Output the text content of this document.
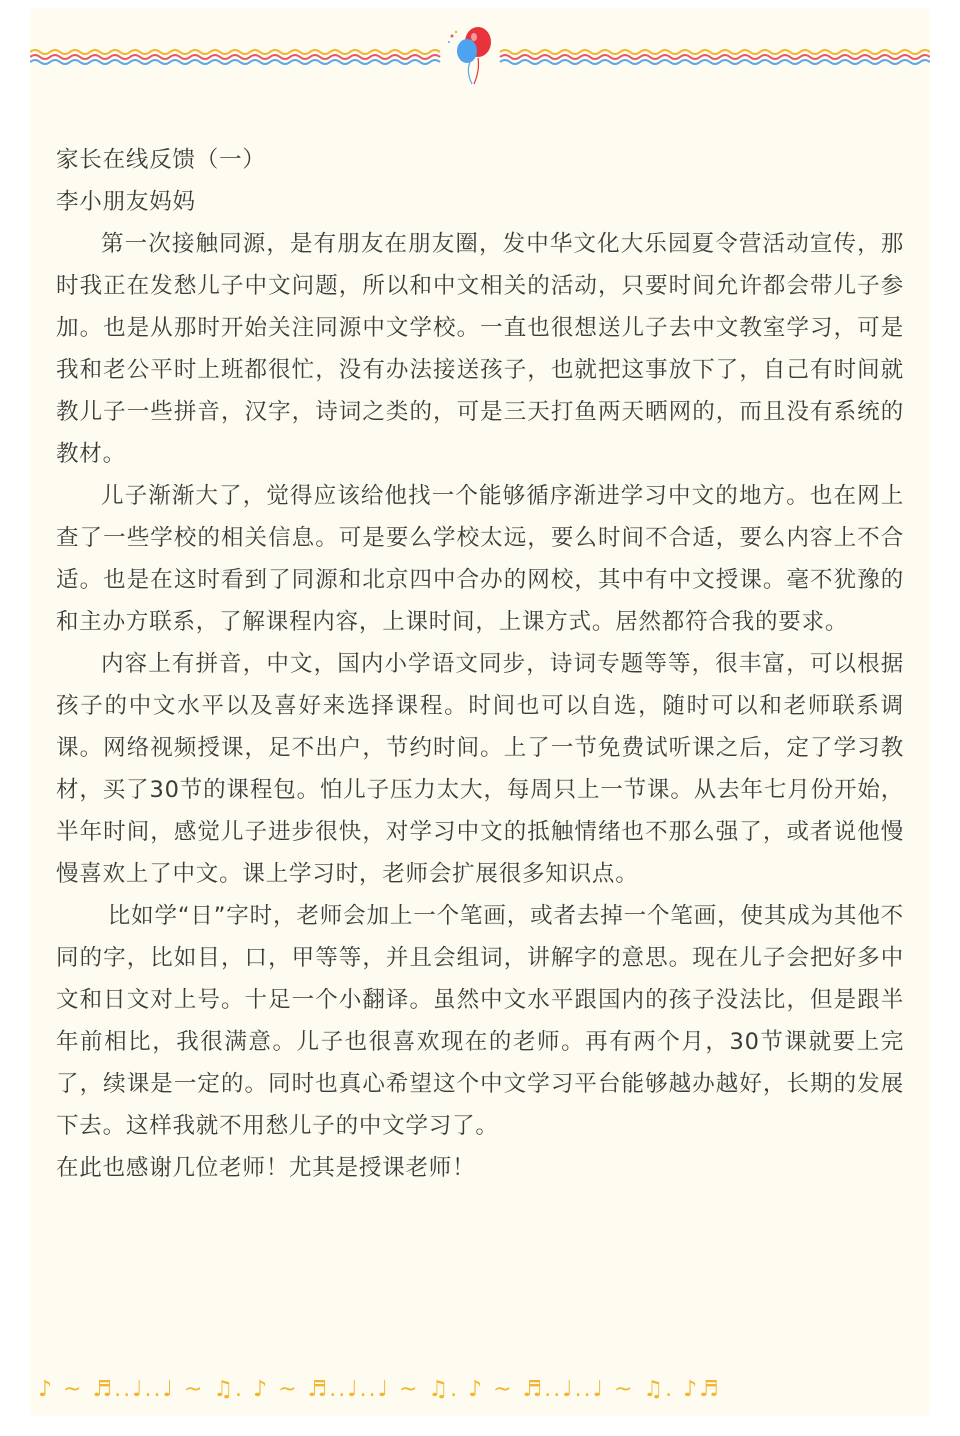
家长在线反馈（一）

李小朋友妈妈

第一次接触同源，是有朋友在朋友圈，发中华文化大乐园夏令营活动宣传，那时我正在发愁儿子中文问题，所以和中文相关的活动，只要时间允许都会带儿子参加。也是从那时开始关注同源中文学校。一直也很想送儿子去中文教室学习，可是我和老公平时上班都很忙，没有办法接送孩子，也就把这事放下了，自己有时间就教儿子一些拼音，汉字，诗词之类的，可是三天打鱼两天晒网的，而且没有系统的教材。

儿子渐渐大了，觉得应该给他找一个能够循序渐进学习中文的地方。也在网上查了一些学校的相关信息。可是要么学校太远，要么时间不合适，要么内容上不合适。也是在这时看到了同源和北京四中合办的网校，其中有中文授课。毫不犹豫的和主办方联系，了解课程内容，上课时间，上课方式。居然都符合我的要求。

内容上有拼音，中文，国内小学语文同步，诗词专题等等，很丰富，可以根据孩子的中文水平以及喜好来选择课程。时间也可以自选，随时可以和老师联系调课。网络视频授课，足不出户，节约时间。上了一节免费试听课之后，定了学习教材，买了30节的课程包。怕儿子压力太大，每周只上一节课。从去年七月份开始，半年时间，感觉儿子进步很快，对学习中文的抵触情绪也不那么强了，或者说他慢慢喜欢上了中文。课上学习时，老师会扩展很多知识点。

比如学“日”字时，老师会加上一个笔画，或者去掉一个笔画，使其成为其他不同的字，比如目，口，甲等等，并且会组词，讲解字的意思。现在儿子会把好多中文和日文对上号。十足一个小翻译。虽然中文水平跟国内的孩子没法比，但是跟半年前相比，我很满意。儿子也很喜欢现在的老师。再有两个月，30节课就要上完了，续课是一定的。同时也真心希望这个中文学习平台能够越办越好，长期的发展下去。这样我就不用愁儿子的中文学习了。

在此也感谢几位老师！尤其是授课老师！

♪ ~ ♬..♩..♩ ~ ♫. ♪ ~ ♬..♩..♩ ~ ♫. ♪ ~ ♬..♩..♩ ~ ♫. ♪♬
